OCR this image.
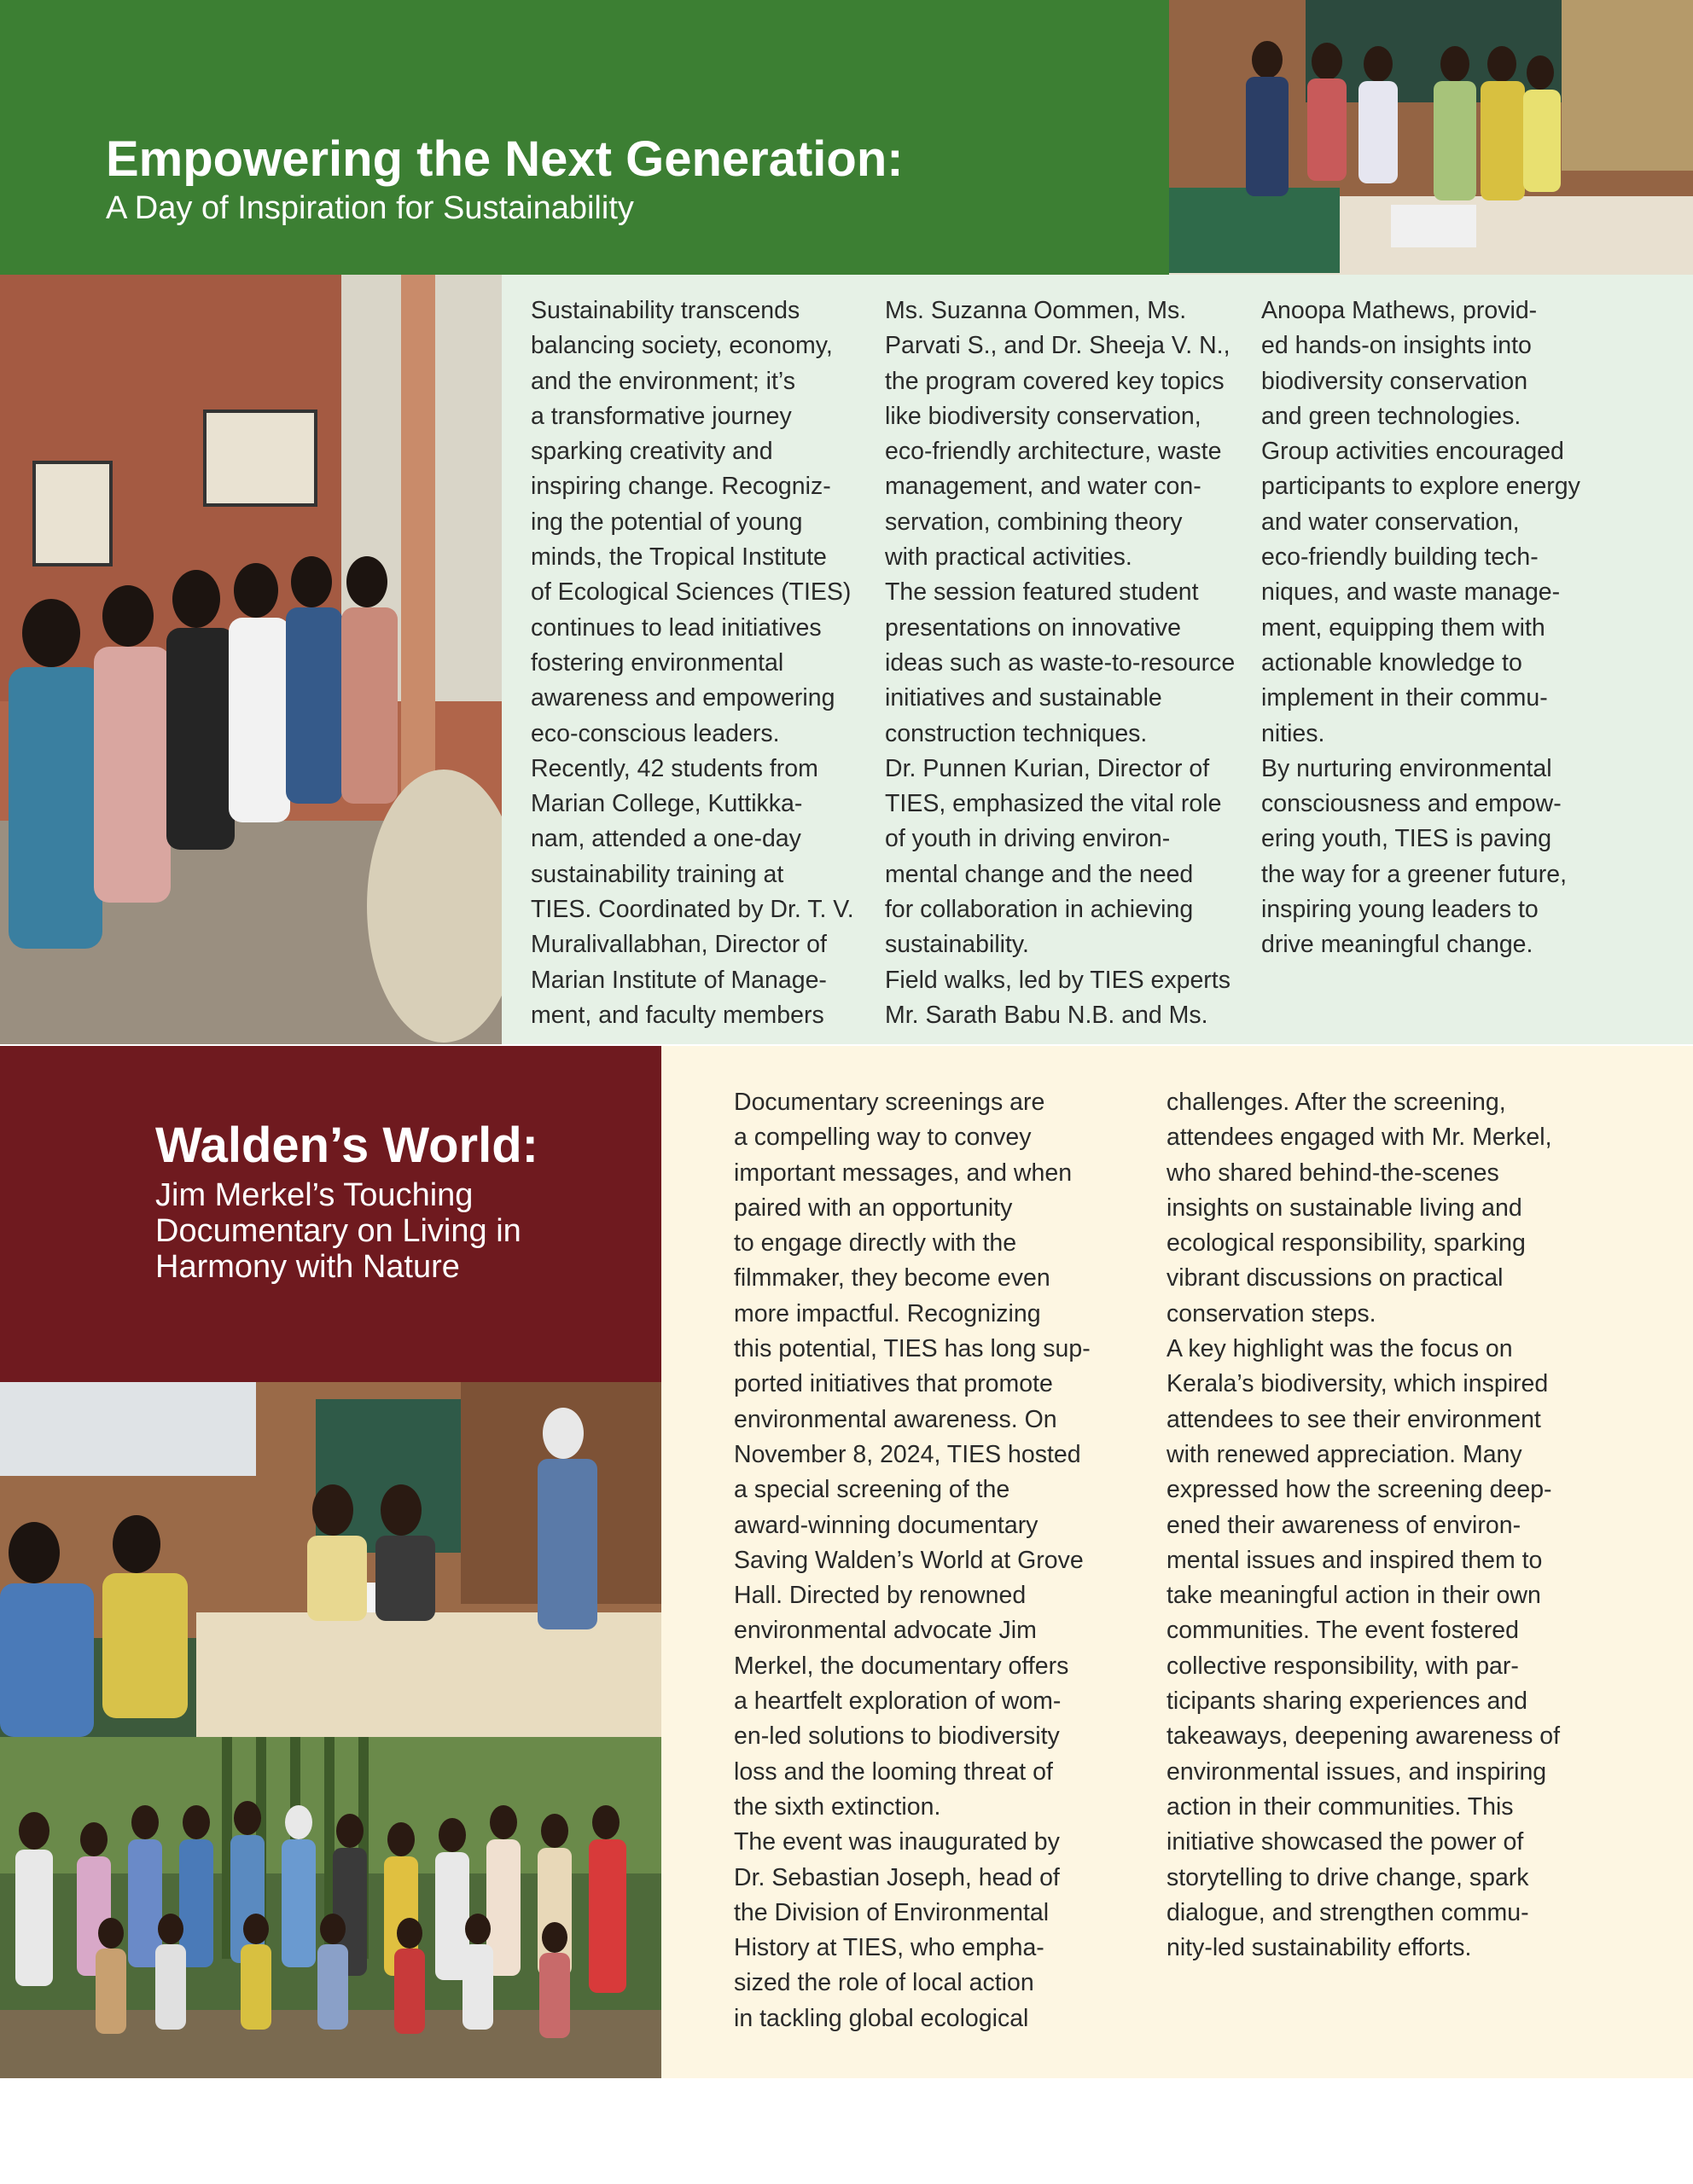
Empowering the Next Generation:
A Day of Inspiration for Sustainability

Sustainability transcends

balancing society, economy,

and the environment; it’s

a transformative journey

sparking creativity and

inspiring change. Recogniz-

ing the potential of young

minds, the Tropical Institute

of Ecological Sciences (TIES)

continues to lead initiatives

fostering environmental

awareness and empowering

eco-conscious leaders.

Recently, 42 students from

Marian College, Kuttikka-

nam, attended a one-day

sustainability training at

TIES. Coordinated by Dr. T. V.

Muralivallabhan, Director of

Marian Institute of Manage-

ment, and faculty members

Ms. Suzanna Oommen, Ms.

Parvati S., and Dr. Sheeja V. N.,

the program covered key topics

like biodiversity conservation,

eco-friendly architecture, waste

management, and water con-

servation, combining theory

with practical activities.

The session featured student

presentations on innovative

ideas such as waste-to-resource

initiatives and sustainable

construction techniques.

Dr. Punnen Kurian, Director of

TIES, emphasized the vital role

of youth in driving environ-

mental change and the need

for collaboration in achieving

sustainability.

Field walks, led by TIES experts

Mr. Sarath Babu N.B. and Ms.

Anoopa Mathews, provid-

ed hands-on insights into

biodiversity conservation

and green technologies.

Group activities encouraged

participants to explore energy

and water conservation,

eco-friendly building tech-

niques, and waste manage-

ment, equipping them with

actionable knowledge to

implement in their commu-

nities.

By nurturing environmental

consciousness and empow-

ering youth, TIES is paving

the way for a greener future,

inspiring young leaders to

drive meaningful change.

Walden’s World:
Jim Merkel’s Touching
Documentary on Living in
Harmony with Nature

Documentary screenings are

a compelling way to convey

important messages, and when

paired with an opportunity

to engage directly with the

filmmaker, they become even

more impactful. Recognizing

this potential, TIES has long sup-

ported initiatives that promote

environmental awareness. On

November 8, 2024, TIES hosted

a special screening of the

award-winning documentary

Saving Walden’s World at Grove

Hall. Directed by renowned

environmental advocate Jim

Merkel, the documentary offers

a heartfelt exploration of wom-

en-led solutions to biodiversity

loss and the looming threat of

the sixth extinction.

The event was inaugurated by

Dr. Sebastian Joseph, head of

the Division of Environmental

History at TIES, who empha-

sized the role of local action

in tackling global ecological

challenges. After the screening,

attendees engaged with Mr. Merkel,

who shared behind-the-scenes

insights on sustainable living and

ecological responsibility, sparking

vibrant discussions on practical

conservation steps.

A key highlight was the focus on

Kerala’s biodiversity, which inspired

attendees to see their environment

with renewed appreciation. Many

expressed how the screening deep-

ened their awareness of environ-

mental issues and inspired them to

take meaningful action in their own

communities. The event fostered

collective responsibility, with par-

ticipants sharing experiences and

takeaways, deepening awareness of

environmental issues, and inspiring

action in their communities. This

initiative showcased the power of

storytelling to drive change, spark

dialogue, and strengthen commu-

nity-led sustainability efforts.
